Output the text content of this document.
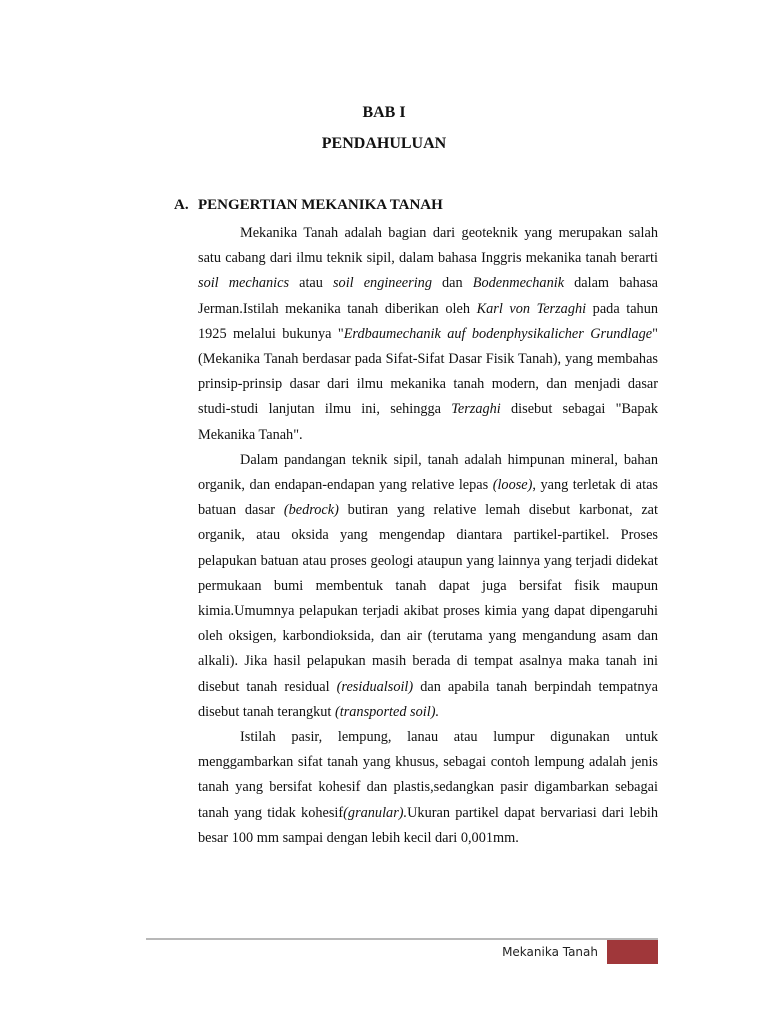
BAB I
PENDAHULUAN
A. PENGERTIAN MEKANIKA TANAH

Mekanika Tanah adalah bagian dari geoteknik yang merupakan salah satu cabang dari ilmu teknik sipil, dalam bahasa Inggris mekanika tanah berarti soil mechanics atau soil engineering dan Bodenmechanik dalam bahasa Jerman.Istilah mekanika tanah diberikan oleh Karl von Terzaghi pada tahun 1925 melalui bukunya "Erdbaumechanik auf bodenphysikalicher Grundlage" (Mekanika Tanah berdasar pada Sifat-Sifat Dasar Fisik Tanah), yang membahas prinsip-prinsip dasar dari ilmu mekanika tanah modern, dan menjadi dasar studi-studi lanjutan ilmu ini, sehingga Terzaghi disebut sebagai "Bapak Mekanika Tanah".

Dalam pandangan teknik sipil, tanah adalah himpunan mineral, bahan organik, dan endapan-endapan yang relative lepas (loose), yang terletak di atas batuan dasar (bedrock) butiran yang relative lemah disebut karbonat, zat organik, atau oksida yang mengendap diantara partikel-partikel. Proses pelapukan batuan atau proses geologi ataupun yang lainnya yang terjadi didekat permukaan bumi membentuk tanah dapat juga bersifat fisik maupun kimia.Umumnya pelapukan terjadi akibat proses kimia yang dapat dipengaruhi oleh oksigen, karbondioksida, dan air (terutama yang mengandung asam dan alkali). Jika hasil pelapukan masih berada di tempat asalnya maka tanah ini disebut tanah residual (residualsoil) dan apabila tanah berpindah tempatnya disebut tanah terangkut (transported soil).

Istilah pasir, lempung, lanau atau lumpur digunakan untuk menggambarkan sifat tanah yang khusus, sebagai contoh lempung adalah jenis tanah yang bersifat kohesif dan plastis,sedangkan pasir digambarkan sebagai tanah yang tidak kohesif(granular).Ukuran partikel dapat bervariasi dari lebih besar 100 mm sampai dengan lebih kecil dari 0,001mm.

Mekanika Tanah
